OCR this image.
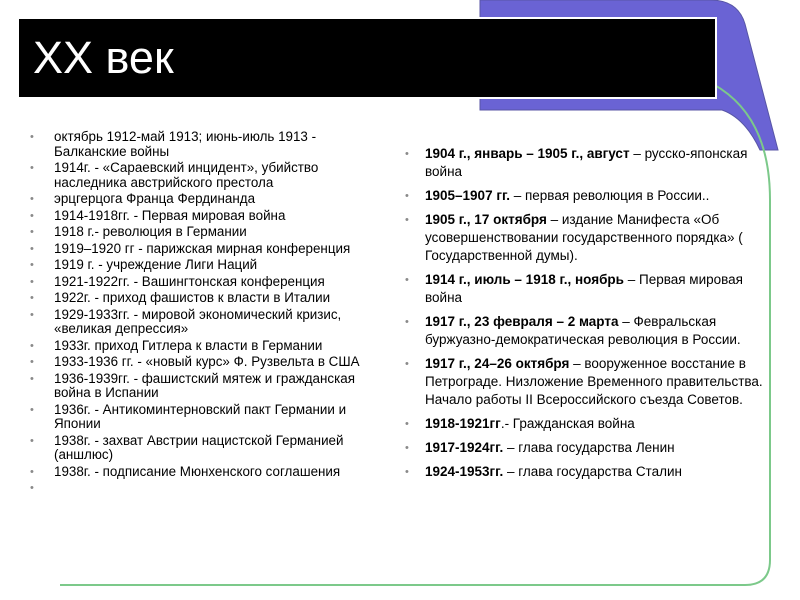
XX век
• октябрь 1912-май 1913; июнь-июль 1913 - Балканские войны
• 1914г. - «Сараевский инцидент», убийство наследника австрийского престола
• эрцгерцога Франца Фердинанда
• 1914-1918гг. - Первая мировая война
• 1918 г.- революция в Германии
• 1919–1920 гг - парижская мирная конференция
• 1919 г. - учреждение Лиги Наций
• 1921-1922гг. - Вашингтонская конференция
• 1922г. - приход фашистов к власти в Италии
• 1929-1933гг. - мировой экономический кризис, «великая депрессия»
• 1933г. приход Гитлера к власти в Германии
• 1933-1936 гг. - «новый курс» Ф. Рузвельта в США
• 1936-1939гг. - фашистский мятеж и гражданская война в Испании
• 1936г. - Антикоминтерновский пакт Германии и Японии
• 1938г. - захват Австрии нацистской Германией (аншлюс)
• 1938г. - подписание Мюнхенского соглашения
• 1904 г., январь – 1905 г., август – русско-японская война
• 1905–1907 гг. – первая революция в России..
• 1905 г., 17 октября – издание Манифеста «Об усовершенствовании государственного порядка» ( Государственной думы).
• 1914 г., июль – 1918 г., ноябрь – Первая мировая война
• 1917 г., 23 февраля – 2 марта – Февральская буржуазно-демократическая революция в России.
• 1917 г., 24–26 октября – вооруженное восстание в Петрограде. Низложение Временного правительства. Начало работы II Всероссийского съезда Советов.
• 1918-1921гг.- Гражданская война
• 1917-1924гг. – глава государства Ленин
• 1924-1953гг. – глава государства Сталин
